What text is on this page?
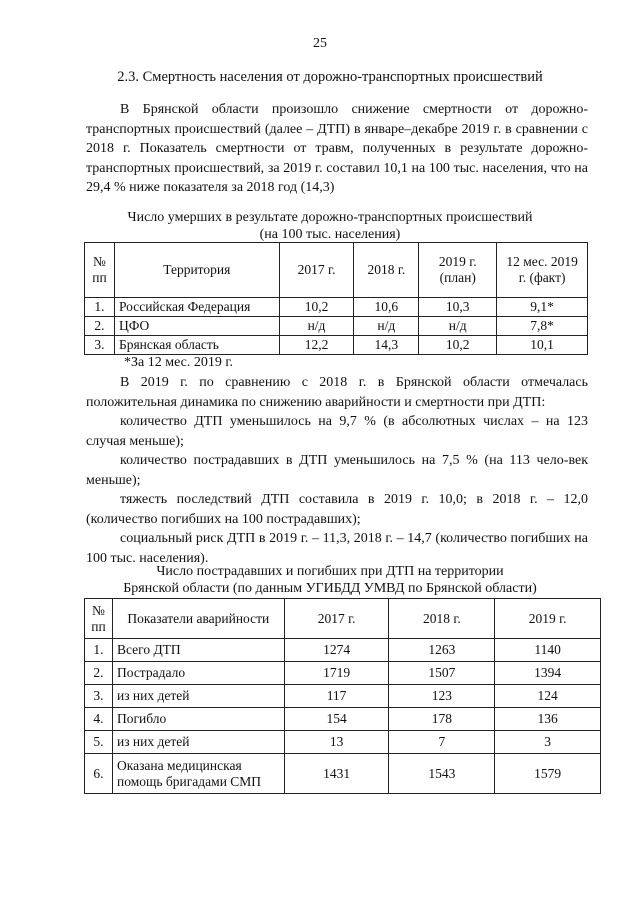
25
2.3. Смертность населения от дорожно-транспортных происшествий

В Брянской области произошло снижение смертности от дорожно-транспортных происшествий (далее – ДТП) в январе–декабре 2019 г. в сравнении с 2018 г. Показатель смертности от травм, полученных в результате дорожно-транспортных происшествий, за 2019 г. составил 10,1 на 100 тыс. населения, что на 29,4 % ниже показателя за 2018 год (14,3)

Число умерших в результате дорожно-транспортных происшествий
(на 100 тыс. населения)
№ пп	Территория	2017 г.	2018 г.	2019 г. (план)	12 мес. 2019 г. (факт)
1.	Российская Федерация	10,2	10,6	10,3	9,1*
2.	ЦФО	н/д	н/д	н/д	7,8*
3.	Брянская область	12,2	14,3	10,2	10,1
*За 12 мес. 2019 г.

В 2019 г. по сравнению с 2018 г. в Брянской области отмечалась положительная динамика по снижению аварийности и смертности при ДТП:

количество ДТП уменьшилось на 9,7 % (в абсолютных числах – на 123 случая меньше);

количество пострадавших в ДТП уменьшилось на 7,5 % (на 113 чело-век меньше);

тяжесть последствий ДТП составила в 2019 г. 10,0; в 2018 г. – 12,0 (количество погибших на 100 пострадавших);

социальный риск ДТП в 2019 г. – 11,3, 2018 г. – 14,7 (количество погибших на 100 тыс. населения).

Число пострадавших и погибших при ДТП на территории
Брянской области (по данным УГИБДД УМВД по Брянской области)
№ пп	Показатели аварийности	2017 г.	2018 г.	2019 г.
1.	Всего ДТП	1274	1263	1140
2.	Пострадало	1719	1507	1394
3.	из них детей	117	123	124
4.	Погибло	154	178	136
5.	из них детей	13	7	3
6.	Оказана медицинская помощь бригадами СМП	1431	1543	1579
